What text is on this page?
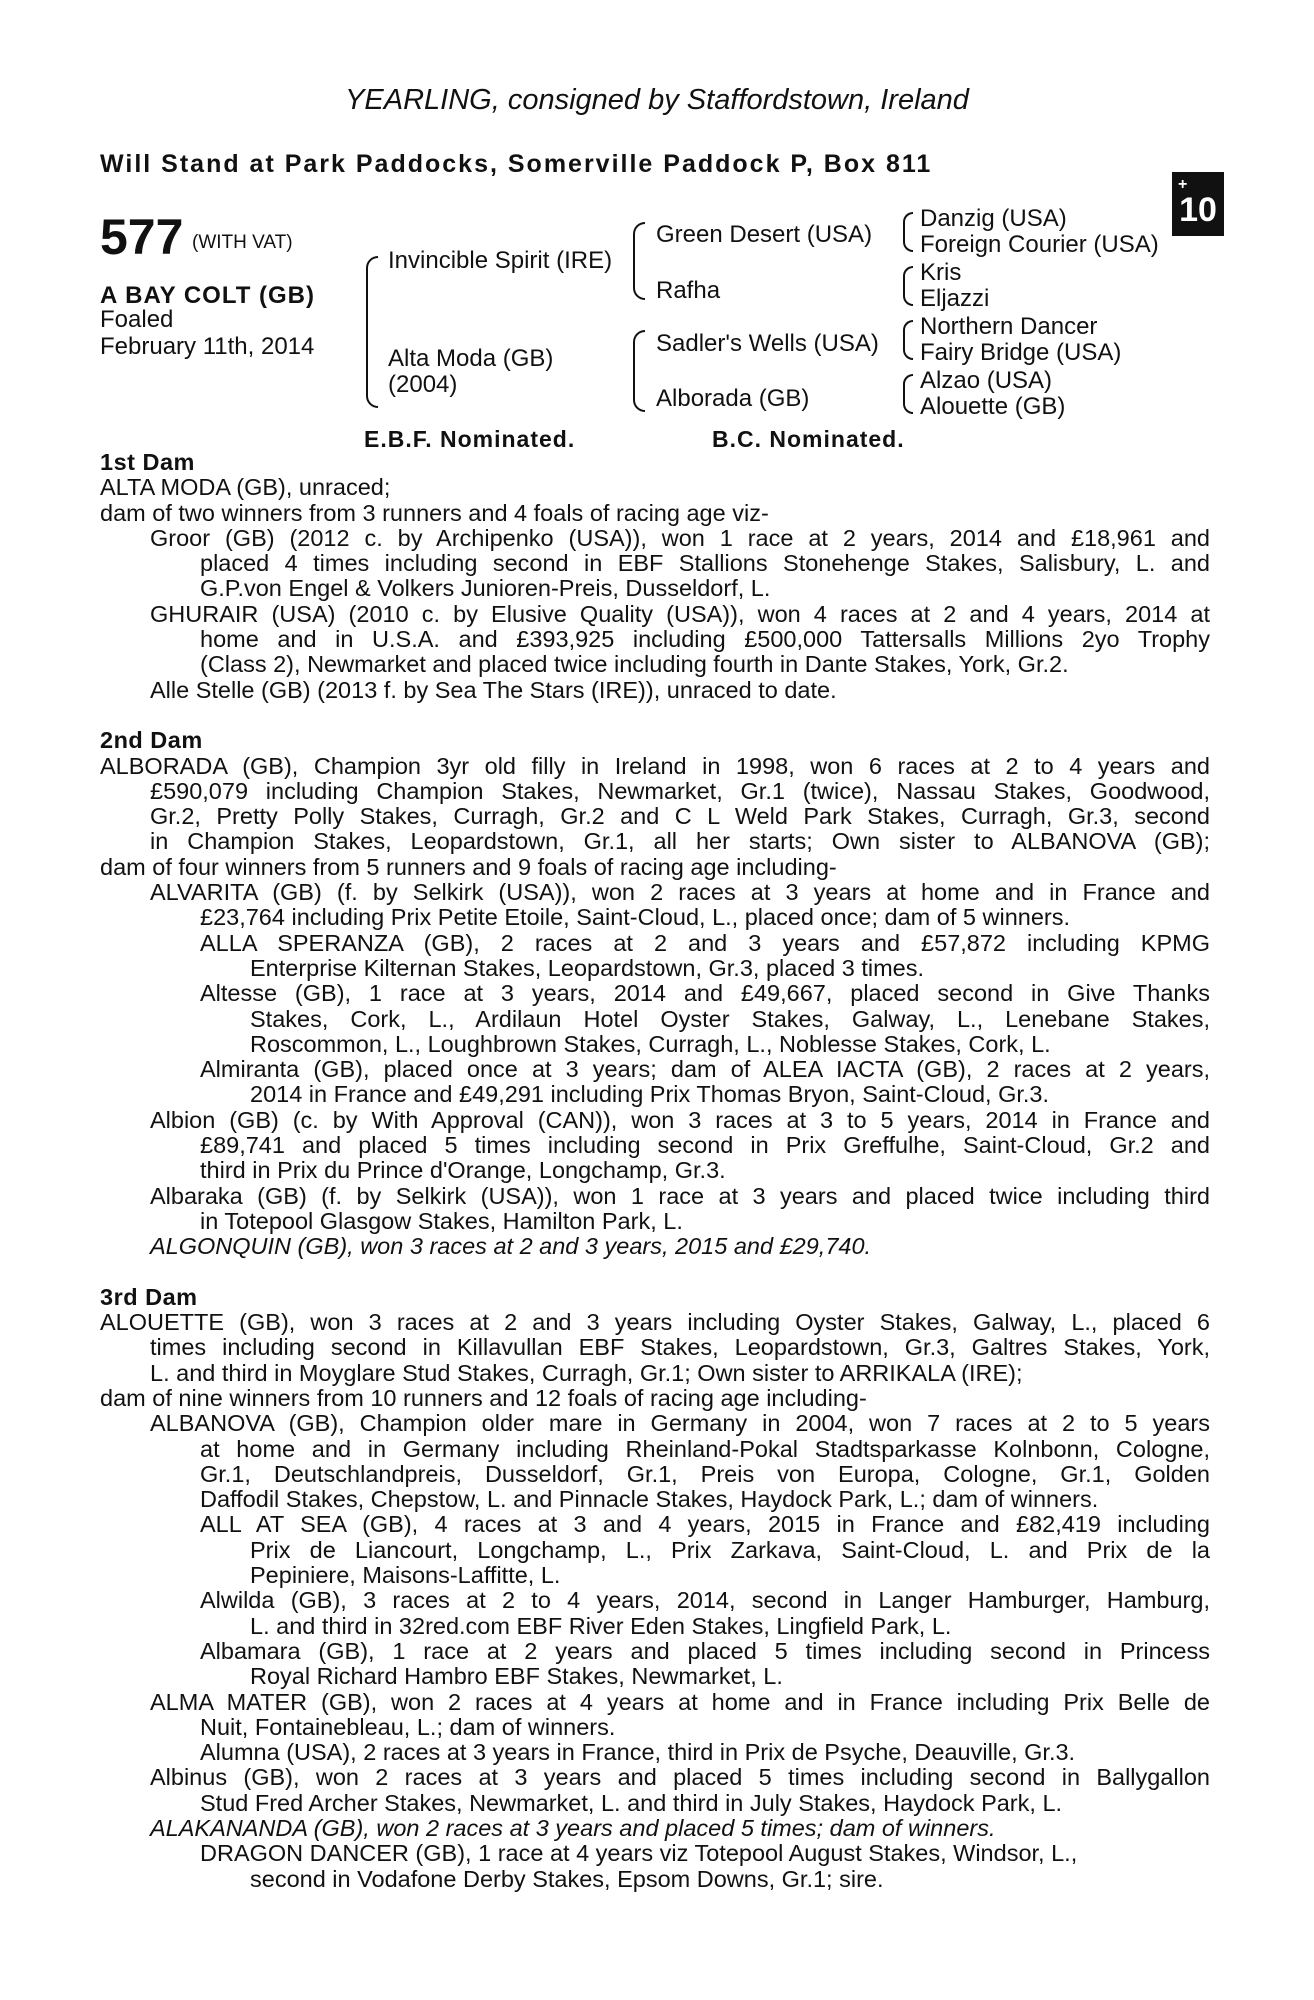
YEARLING, consigned by Staffordstown, Ireland
Will Stand at Park Paddocks, Somerville Paddock P, Box 811
+
10
577 (WITH VAT)
A BAY COLT (GB)
Foaled
February 11th, 2014
Invincible Spirit (IRE)
Alta Moda (GB)
(2004)
Green Desert (USA)
Rafha
Sadler's Wells (USA)
Alborada (GB)
Danzig (USA)
Foreign Courier (USA)
Kris
Eljazzi
Northern Dancer
Fairy Bridge (USA)
Alzao (USA)
Alouette (GB)
E.B.F. Nominated.	B.C. Nominated.
1st Dam
ALTA MODA (GB), unraced;
dam of two winners from 3 runners and 4 foals of racing age viz-
Groor (GB) (2012 c. by Archipenko (USA)), won 1 race at 2 years, 2014 and £18,961 and
placed 4 times including second in EBF Stallions Stonehenge Stakes, Salisbury, L. and
G.P.von Engel & Volkers Junioren-Preis, Dusseldorf, L.
GHURAIR (USA) (2010 c. by Elusive Quality (USA)), won 4 races at 2 and 4 years, 2014 at
home and in U.S.A. and £393,925 including £500,000 Tattersalls Millions 2yo Trophy
(Class 2), Newmarket and placed twice including fourth in Dante Stakes, York, Gr.2.
Alle Stelle (GB) (2013 f. by Sea The Stars (IRE)), unraced to date.
2nd Dam
ALBORADA (GB), Champion 3yr old filly in Ireland in 1998, won 6 races at 2 to 4 years and
£590,079 including Champion Stakes, Newmarket, Gr.1 (twice), Nassau Stakes, Goodwood,
Gr.2, Pretty Polly Stakes, Curragh, Gr.2 and C L Weld Park Stakes, Curragh, Gr.3, second
in Champion Stakes, Leopardstown, Gr.1, all her starts; Own sister to ALBANOVA (GB);
dam of four winners from 5 runners and 9 foals of racing age including-
ALVARITA (GB) (f. by Selkirk (USA)), won 2 races at 3 years at home and in France and
£23,764 including Prix Petite Etoile, Saint-Cloud, L., placed once; dam of 5 winners.
ALLA SPERANZA (GB), 2 races at 2 and 3 years and £57,872 including KPMG
Enterprise Kilternan Stakes, Leopardstown, Gr.3, placed 3 times.
Altesse (GB), 1 race at 3 years, 2014 and £49,667, placed second in Give Thanks
Stakes, Cork, L., Ardilaun Hotel Oyster Stakes, Galway, L., Lenebane Stakes,
Roscommon, L., Loughbrown Stakes, Curragh, L., Noblesse Stakes, Cork, L.
Almiranta (GB), placed once at 3 years; dam of ALEA IACTA (GB), 2 races at 2 years,
2014 in France and £49,291 including Prix Thomas Bryon, Saint-Cloud, Gr.3.
Albion (GB) (c. by With Approval (CAN)), won 3 races at 3 to 5 years, 2014 in France and
£89,741 and placed 5 times including second in Prix Greffulhe, Saint-Cloud, Gr.2 and
third in Prix du Prince d'Orange, Longchamp, Gr.3.
Albaraka (GB) (f. by Selkirk (USA)), won 1 race at 3 years and placed twice including third
in Totepool Glasgow Stakes, Hamilton Park, L.
ALGONQUIN (GB), won 3 races at 2 and 3 years, 2015 and £29,740.
3rd Dam
ALOUETTE (GB), won 3 races at 2 and 3 years including Oyster Stakes, Galway, L., placed 6
times including second in Killavullan EBF Stakes, Leopardstown, Gr.3, Galtres Stakes, York,
L. and third in Moyglare Stud Stakes, Curragh, Gr.1; Own sister to ARRIKALA (IRE);
dam of nine winners from 10 runners and 12 foals of racing age including-
ALBANOVA (GB), Champion older mare in Germany in 2004, won 7 races at 2 to 5 years
at home and in Germany including Rheinland-Pokal Stadtsparkasse Kolnbonn, Cologne,
Gr.1, Deutschlandpreis, Dusseldorf, Gr.1, Preis von Europa, Cologne, Gr.1, Golden
Daffodil Stakes, Chepstow, L. and Pinnacle Stakes, Haydock Park, L.; dam of winners.
ALL AT SEA (GB), 4 races at 3 and 4 years, 2015 in France and £82,419 including
Prix de Liancourt, Longchamp, L., Prix Zarkava, Saint-Cloud, L. and Prix de la
Pepiniere, Maisons-Laffitte, L.
Alwilda (GB), 3 races at 2 to 4 years, 2014, second in Langer Hamburger, Hamburg,
L. and third in 32red.com EBF River Eden Stakes, Lingfield Park, L.
Albamara (GB), 1 race at 2 years and placed 5 times including second in Princess
Royal Richard Hambro EBF Stakes, Newmarket, L.
ALMA MATER (GB), won 2 races at 4 years at home and in France including Prix Belle de
Nuit, Fontainebleau, L.; dam of winners.
Alumna (USA), 2 races at 3 years in France, third in Prix de Psyche, Deauville, Gr.3.
Albinus (GB), won 2 races at 3 years and placed 5 times including second in Ballygallon
Stud Fred Archer Stakes, Newmarket, L. and third in July Stakes, Haydock Park, L.
ALAKANANDA (GB), won 2 races at 3 years and placed 5 times; dam of winners.
DRAGON DANCER (GB), 1 race at 4 years viz Totepool August Stakes, Windsor, L.,
second in Vodafone Derby Stakes, Epsom Downs, Gr.1; sire.
